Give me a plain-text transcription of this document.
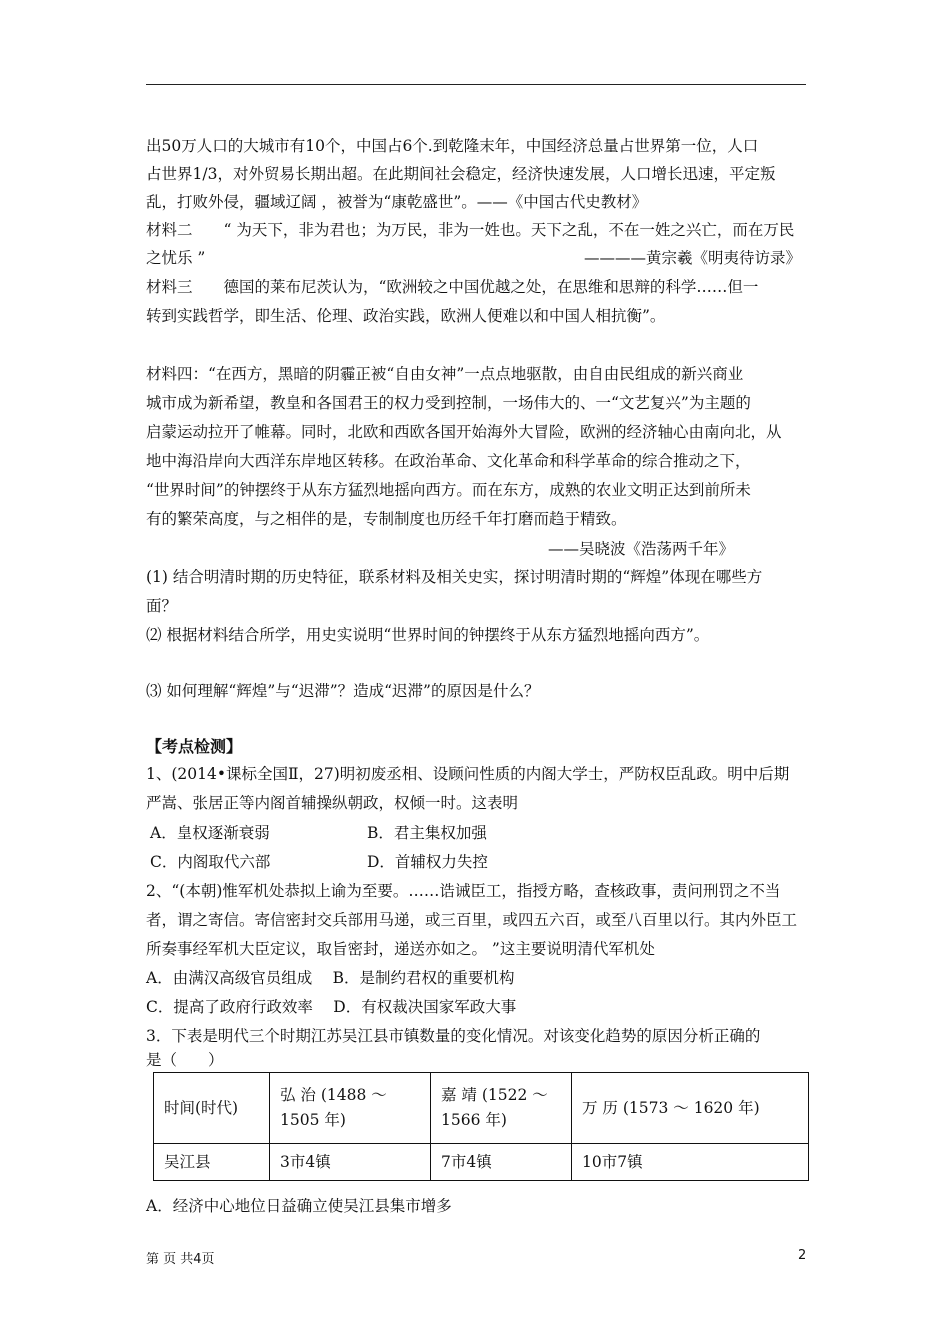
出50万人口的大城市有10个，中国占6个.到乾隆末年，中国经济总量占世界第一位，人口
占世界1/3，对外贸易长期出超。在此期间社会稳定，经济快速发展，人口增长迅速，平定叛
乱，打败外侵，疆域辽阔 ，被誉为“康乾盛世”。——《中国古代史教材》
材料二　　“ 为天下，非为君也；为万民，非为一姓也。天下之乱，不在一姓之兴亡，而在万民
之忧乐 ”	————黄宗羲《明夷待访录》
材料三　　德国的莱布尼茨认为，“欧洲较之中国优越之处，在思维和思辩的科学……但一
转到实践哲学，即生活、伦理、政治实践，欧洲人便难以和中国人相抗衡”。
材料四：“在西方，黑暗的阴霾正被“自由女神”一点点地驱散，由自由民组成的新兴商业
城市成为新希望，教皇和各国君王的权力受到控制，一场伟大的、一“文艺复兴”为主题的
启蒙运动拉开了帷幕。同时，北欧和西欧各国开始海外大冒险，欧洲的经济轴心由南向北，从
地中海沿岸向大西洋东岸地区转移。在政治革命、文化革命和科学革命的综合推动之下，
“世界时间”的钟摆终于从东方猛烈地摇向西方。而在东方，成熟的农业文明正达到前所未
有的繁荣高度，与之相伴的是，专制制度也历经千年打磨而趋于精致。
——吴晓波《浩荡两千年》
(1) 结合明清时期的历史特征，联系材料及相关史实，探讨明清时期的“辉煌”体现在哪些方
面？
⑵ 根据材料结合所学，用史实说明“世界时间的钟摆终于从东方猛烈地摇向西方”。
⑶ 如何理解“辉煌”与“迟滞”？造成“迟滞”的原因是什么？
【考点检测】
1、(2014•课标全国Ⅱ，27)明初废丞相、设顾问性质的内阁大学士，严防权臣乱政。明中后期
严嵩、张居正等内阁首辅操纵朝政，权倾一时。这表明
A．皇权逐渐衰弱	B．君主集权加强
C．内阁取代六部	D．首辅权力失控
2、“(本朝)惟军机处恭拟上谕为至要。……诰诫臣工，指授方略，查核政事，责问刑罚之不当
者，谓之寄信。寄信密封交兵部用马递，或三百里，或四五六百，或至八百里以行。其内外臣工
所奏事经军机大臣定议，取旨密封，递送亦如之。 ”这主要说明清代军机处
A．由满汉高级官员组成　 B．是制约君权的重要机构
C．提高了政府行政效率　 D．有权裁决国家军政大事
3．下表是明代三个时期江苏吴江县市镇数量的变化情况。对该变化趋势的原因分析正确的
是（　　）
时间(时代)	弘 治 (1488 ～ 1505 年)	嘉 靖 (1522 ～ 1566 年)	万 历 (1573 ～ 1620 年)
吴江县	3市4镇	7市4镇	10市7镇
A．经济中心地位日益确立使吴江县集市增多
第 页 共4页	2
